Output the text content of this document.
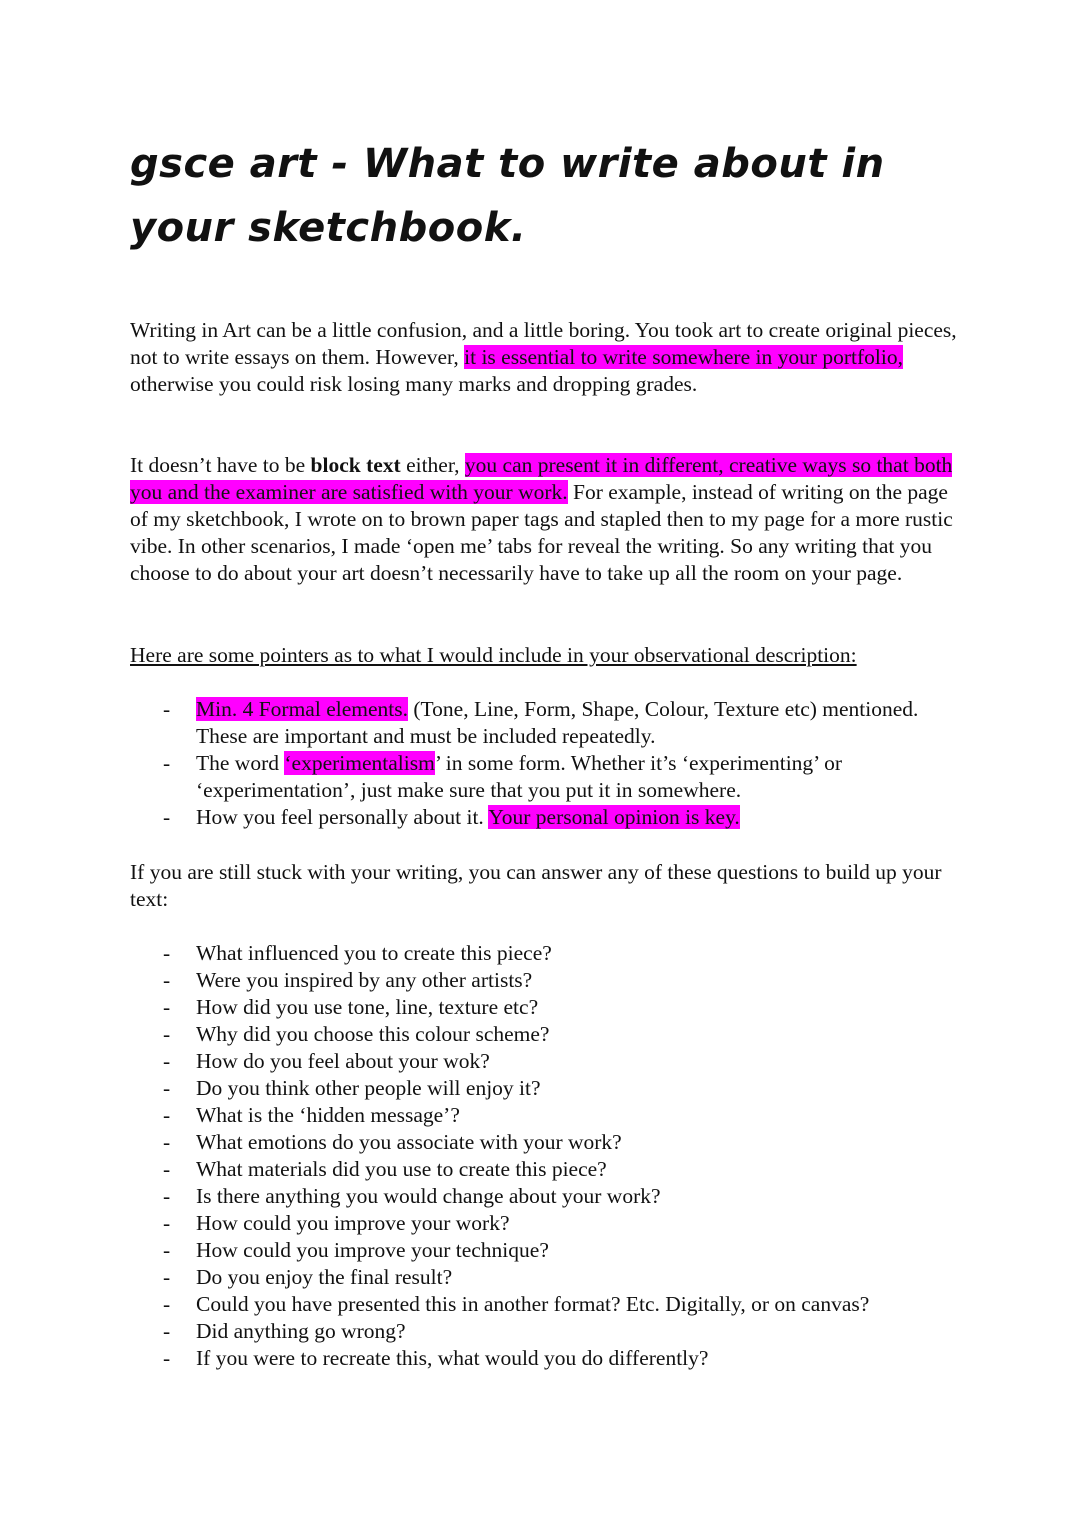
gsce art - What to write about in your sketchbook.

Writing in Art can be a little confusion, and a little boring. You took art to create original pieces, not to write essays on them. However, it is essential to write somewhere in your portfolio, otherwise you could risk losing many marks and dropping grades.

It doesn’t have to be block text either, you can present it in different, creative ways so that both you and the examiner are satisfied with your work. For example, instead of writing on the page of my sketchbook, I wrote on to brown paper tags and stapled then to my page for a more rustic vibe. In other scenarios, I made ‘open me’ tabs for reveal the writing. So any writing that you choose to do about your art doesn’t necessarily have to take up all the room on your page.

Here are some pointers as to what I would include in your observational description:

- Min. 4 Formal elements. (Tone, Line, Form, Shape, Colour, Texture etc) mentioned. These are important and must be included repeatedly.
- The word ‘experimentalism’ in some form. Whether it’s ‘experimenting’ or ‘experimentation’, just make sure that you put it in somewhere.
- How you feel personally about it. Your personal opinion is key.

If you are still stuck with your writing, you can answer any of these questions to build up your text:

- What influenced you to create this piece?
- Were you inspired by any other artists?
- How did you use tone, line, texture etc?
- Why did you choose this colour scheme?
- How do you feel about your wok?
- Do you think other people will enjoy it?
- What is the ‘hidden message’?
- What emotions do you associate with your work?
- What materials did you use to create this piece?
- Is there anything you would change about your work?
- How could you improve your work?
- How could you improve your technique?
- Do you enjoy the final result?
- Could you have presented this in another format? Etc. Digitally, or on canvas?
- Did anything go wrong?
- If you were to recreate this, what would you do differently?
